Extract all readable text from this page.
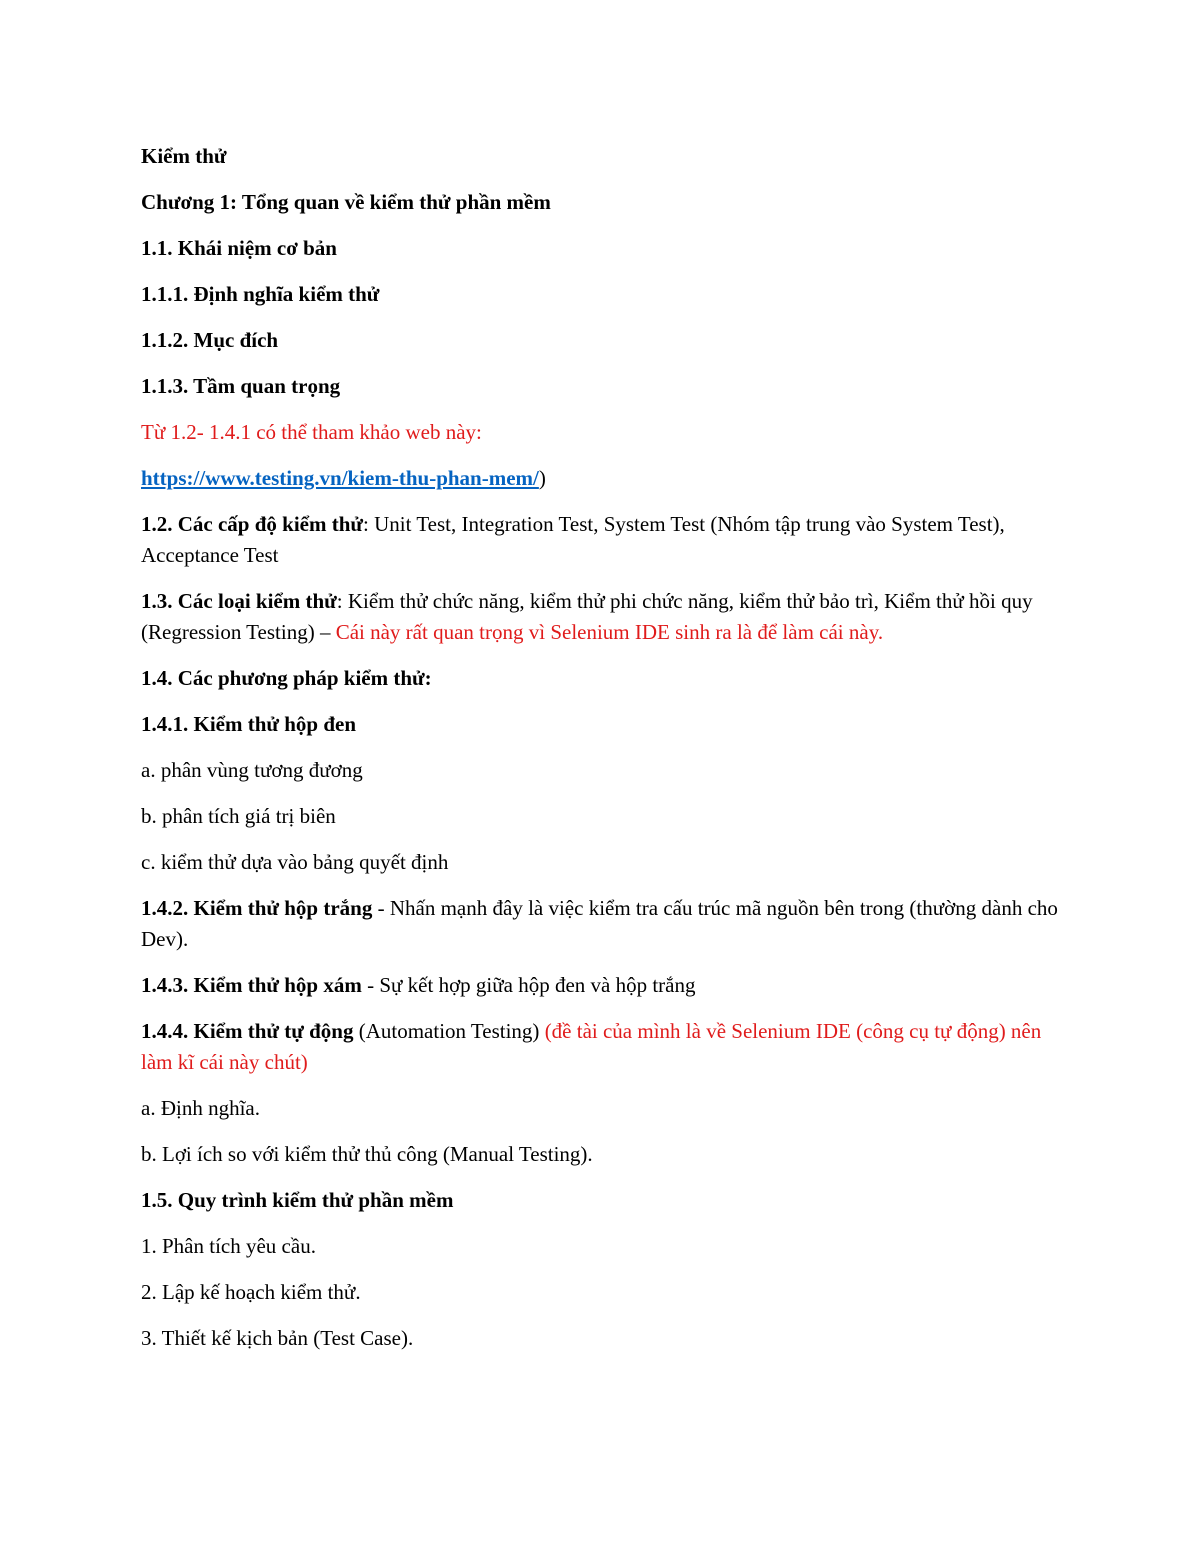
Kiểm thử

Chương 1: Tổng quan về kiểm thử phần mềm

1.1. Khái niệm cơ bản

1.1.1. Định nghĩa kiểm thử

1.1.2. Mục đích

1.1.3. Tầm quan trọng

Từ 1.2- 1.4.1 có thể tham khảo web này:

https://www.testing.vn/kiem-thu-phan-mem/)

1.2. Các cấp độ kiểm thử: Unit Test, Integration Test, System Test (Nhóm tập trung vào System Test), Acceptance Test

1.3. Các loại kiểm thử: Kiểm thử chức năng, kiểm thử phi chức năng, kiểm thử bảo trì, Kiểm thử hồi quy (Regression Testing) – Cái này rất quan trọng vì Selenium IDE sinh ra là để làm cái này.

1.4. Các phương pháp kiểm thử:

1.4.1. Kiểm thử hộp đen

a. phân vùng tương đương

b. phân tích giá trị biên

c. kiểm thử dựa vào bảng quyết định

1.4.2. Kiểm thử hộp trắng - Nhấn mạnh đây là việc kiểm tra cấu trúc mã nguồn bên trong (thường dành cho Dev).

1.4.3. Kiểm thử hộp xám - Sự kết hợp giữa hộp đen và hộp trắng

1.4.4. Kiểm thử tự động (Automation Testing) (đề tài của mình là về Selenium IDE (công cụ tự động) nên làm kĩ cái này chút)

a. Định nghĩa.

b. Lợi ích so với kiểm thử thủ công (Manual Testing).

1.5. Quy trình kiểm thử phần mềm

1. Phân tích yêu cầu.

2. Lập kế hoạch kiểm thử.

3. Thiết kế kịch bản (Test Case).
